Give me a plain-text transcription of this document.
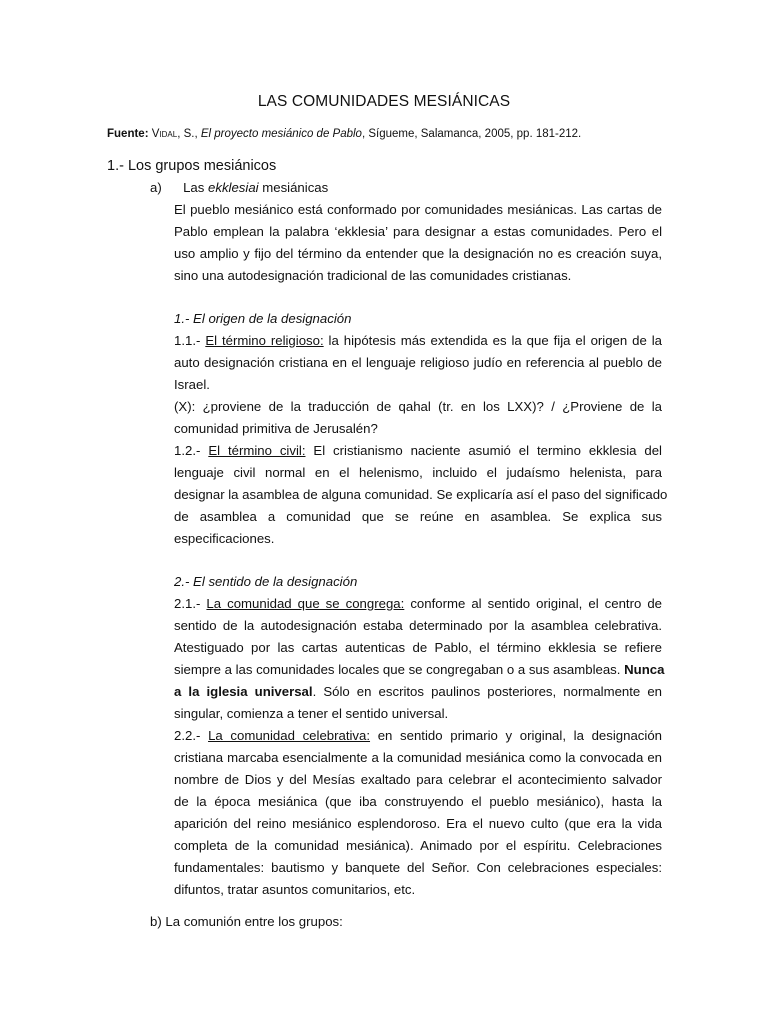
LAS COMUNIDADES MESIÁNICAS
Fuente: Vidal, S., El proyecto mesiánico de Pablo, Sígueme, Salamanca, 2005, pp. 181-212.
1.- Los grupos mesiánicos
a) Las ekklesiai mesiánicas
El pueblo mesiánico está conformado por comunidades mesiánicas. Las cartas de
Pablo emplean la palabra ‘ekklesia’ para designar a estas comunidades. Pero el
uso amplio y fijo del término da entender que la designación no es creación suya,
sino una autodesignación tradicional de las comunidades cristianas.
1.- El origen de la designación
1.1.- El término religioso: la hipótesis más extendida es la que fija el origen de la
auto designación cristiana en el lenguaje religioso judío en referencia al pueblo de
Israel.
(X): ¿proviene de la traducción de qahal (tr. en los LXX)? / ¿Proviene de la
comunidad primitiva de Jerusalén?
1.2.- El término civil: El cristianismo naciente asumió el termino ekklesia del
lenguaje civil normal en el helenismo, incluido el judaísmo helenista, para
designar la asamblea de alguna comunidad. Se explicaría así el paso del significado
de asamblea a comunidad que se reúne en asamblea. Se explica sus
especificaciones.
2.- El sentido de la designación
2.1.- La comunidad que se congrega: conforme al sentido original, el centro de
sentido de la autodesignación estaba determinado por la asamblea celebrativa.
Atestiguado por las cartas autenticas de Pablo, el término ekklesia se refiere
siempre a las comunidades locales que se congregaban o a sus asambleas. Nunca
a la iglesia universal. Sólo en escritos paulinos posteriores, normalmente en
singular, comienza a tener el sentido universal.
2.2.- La comunidad celebrativa: en sentido primario y original, la designación
cristiana marcaba esencialmente a la comunidad mesiánica como la convocada en
nombre de Dios y del Mesías exaltado para celebrar el acontecimiento salvador
de la época mesiánica (que iba construyendo el pueblo mesiánico), hasta la
aparición del reino mesiánico esplendoroso. Era el nuevo culto (que era la vida
completa de la comunidad mesiánica). Animado por el espíritu. Celebraciones
fundamentales: bautismo y banquete del Señor. Con celebraciones especiales:
difuntos, tratar asuntos comunitarios, etc.
b) La comunión entre los grupos:
